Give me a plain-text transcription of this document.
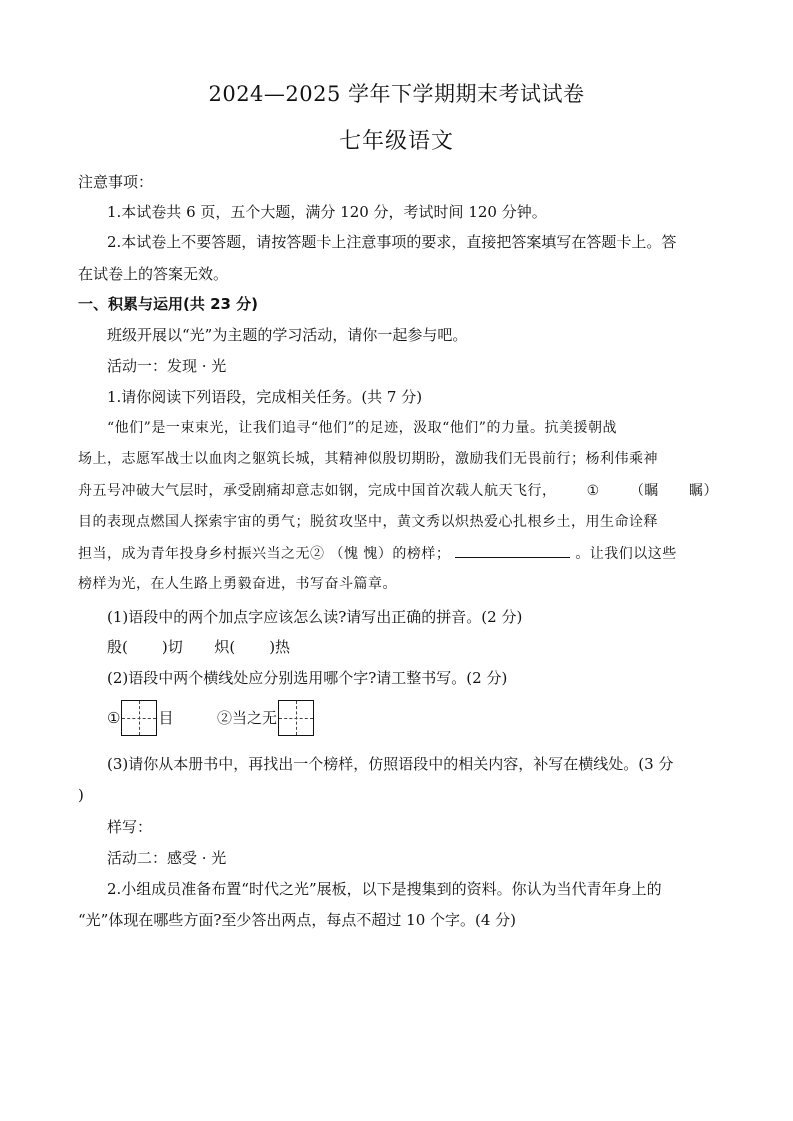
2024—2025 学年下学期期末考试试卷
七年级语文
注意事项：
1.本试卷共 6 页，五个大题，满分 120 分，考试时间 120 分钟。
2.本试卷上不要答题，请按答题卡上注意事项的要求，直接把答案填写在答题卡上。答
在试卷上的答案无效。
一、积累与运用(共 23 分)
班级开展以“光”为主题的学习活动，请你一起参与吧。
活动一：发现 · 光
1.请你阅读下列语段，完成相关任务。(共 7 分)
“他们”是一束束光，让我们追寻“他们”的足迹，汲取“他们”的力量。抗美援朝战
场上，志愿军战士以血肉之躯筑长城，其精神似殷切期盼，激励我们无畏前行；杨利伟乘神
舟五号冲破大气层时，承受剧痛却意志如钢，完成中国首次载人航天飞行， ① （瞩 瞩）
目的表现点燃国人探索宇宙的勇气；脱贫攻坚中，黄文秀以炽热爱心扎根乡土，用生命诠释
担当，成为青年投身乡村振兴当之无② （愧 愧）的榜样；	。让我们以这些
榜样为光，在人生路上勇毅奋进，书写奋斗篇章。
(1)语段中的两个加点字应该怎么读?请写出正确的拼音。(2 分)
殷( )切 炽( )热
(2)语段中两个横线处应分别选用哪个字?请工整书写。(2 分)
①	目	②当之无
(3)请你从本册书中，再找出一个榜样，仿照语段中的相关内容，补写在横线处。(3 分
)
样写：
活动二：感受 · 光
2.小组成员准备布置“时代之光”展板，以下是搜集到的资料。你认为当代青年身上的
“光”体现在哪些方面?至少答出两点，每点不超过 10 个字。(4 分)
